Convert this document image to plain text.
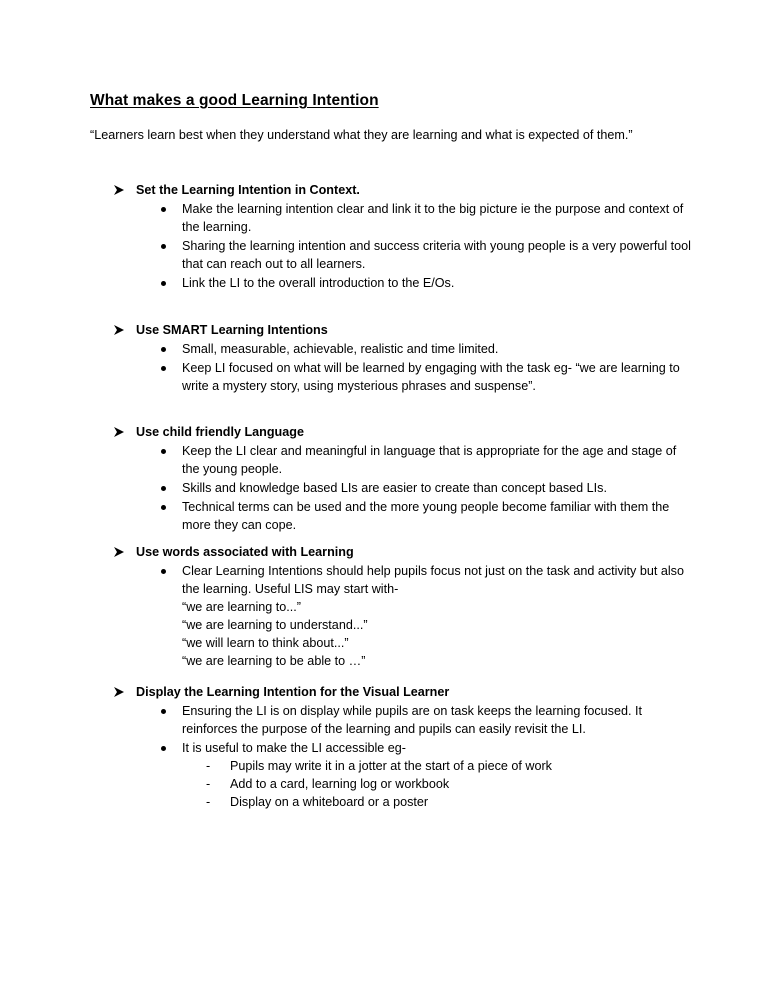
What makes a good Learning Intention
“Learners learn best when they understand what they are learning and what is expected of them.”
Set the Learning Intention in Context.
Make the learning intention clear and link it to the big picture ie the purpose and context of the learning.
Sharing the learning intention and success criteria with young people is a very powerful tool that can reach out to all learners.
Link the LI to the overall introduction to the E/Os.
Use SMART Learning Intentions
Small, measurable, achievable, realistic and time limited.
Keep LI focused on what will be learned by engaging with the task eg- “we are learning to write a mystery story, using mysterious phrases and suspense”.
Use child friendly Language
Keep the LI clear and meaningful in language that is appropriate for the age and stage of the young people.
Skills and knowledge based LIs are easier to create than concept based LIs.
Technical terms can be used and the more young people become familiar with them the more they can cope.
Use words associated with Learning
Clear Learning Intentions should help pupils focus not just on the task and activity but also the learning. Useful LIS may start with-
“we are learning to...”
“we are learning to understand...”
“we will learn to think about...”
“we are learning to be able to …”
Display the Learning Intention for the Visual Learner
Ensuring the LI is on display while pupils are on task keeps the learning focused. It reinforces the purpose of the learning and pupils can easily revisit the LI.
It is useful to make the LI accessible eg-
- Pupils may write it in a jotter at the start of a piece of work
- Add to a card, learning log or workbook
- Display on a whiteboard or a poster
